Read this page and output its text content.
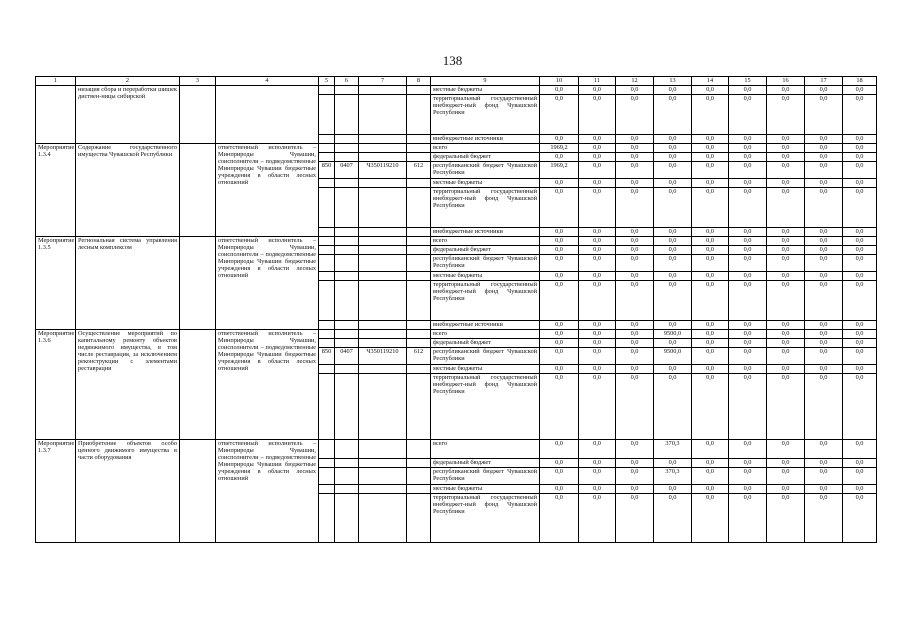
138
1	2	3	4	5	6	7	8	9	10	11	12	13	14	15	16	17	18
	низация сбора и переработки шишек диствен-ницы сибирской							местные бюджеты	0,0	0,0	0,0	0,0	0,0	0,0	0,0	0,0	0,0
								территориальный государственный внебюджет-ный фонд Чувашской Республики	0,0	0,0	0,0	0,0	0,0	0,0	0,0	0,0	0,0
								внебюджетные источники	0,0	0,0	0,0	0,0	0,0	0,0	0,0	0,0	0,0
Мероприятие 1.3.4	Содержание государственного имущества Чувашской Республики		ответственный исполнитель – Минприроды Чувашии, соисполнители – подведомственные Минприроды Чувашии бюджетные учреждения в области лесных отношений					всего	1969,2	0,0	0,0	0,0	0,0	0,0	0,0	0,0	0,0
								федеральный бюджет	0,0	0,0	0,0	0,0	0,0	0,0	0,0	0,0	0,0
				850	0407	Ч350119210	612	республиканский бюджет Чувашской Республики	1969,2	0,0	0,0	0,0	0,0	0,0	0,0	0,0	0,0
								местные бюджеты	0,0	0,0	0,0	0,0	0,0	0,0	0,0	0,0	0,0
								территориальный государственный внебюджет-ный фонд Чувашской Республики	0,0	0,0	0,0	0,0	0,0	0,0	0,0	0,0	0,0
								внебюджетные источники	0,0	0,0	0,0	0,0	0,0	0,0	0,0	0,0	0,0
Мероприятие 1.3.5	Региональная система управления лесным комплексом		ответственный исполнитель – Минприроды Чувашии, соисполнители – подведомственные Минприроды Чувашии бюджетные учреждения в области лесных отношений					всего	0,0	0,0	0,0	0,0	0,0	0,0	0,0	0,0	0,0
								федеральный бюджет	0,0	0,0	0,0	0,0	0,0	0,0	0,0	0,0	0,0
								республиканский бюджет Чувашской Республики	0,0	0,0	0,0	0,0	0,0	0,0	0,0	0,0	0,0
								местные бюджеты	0,0	0,0	0,0	0,0	0,0	0,0	0,0	0,0	0,0
								территориальный государственный внебюджет-ный фонд Чувашской Республики	0,0	0,0	0,0	0,0	0,0	0,0	0,0	0,0	0,0
								внебюджетные источники	0,0	0,0	0,0	0,0	0,0	0,0	0,0	0,0	0,0
Мероприятие 1.3.6	Осуществление мероприятий по капитальному ремонту объектов недвижимого имущества, в том числе реставрация, за исключением реконструкции с элементами реставрации		ответственный исполнитель – Минприроды Чувашии, соисполнители – подведомственные Минприроды Чувашии бюджетные учреждения в области лесных отношений					всего	0,0	0,0	0,0	9500,0	0,0	0,0	0,0	0,0	0,0
								федеральный бюджет	0,0	0,0	0,0	0,0	0,0	0,0	0,0	0,0	0,0
				850	0407	Ч350119210	612	республиканский бюджет Чувашской Республики	0,0	0,0	0,0	9500,0	0,0	0,0	0,0	0,0	0,0
								местные бюджеты	0,0	0,0	0,0	0,0	0,0	0,0	0,0	0,0	0,0
								территориальный государственный внебюджет-ный фонд Чувашской Республики	0,0	0,0	0,0	0,0	0,0	0,0	0,0	0,0	0,0
Мероприятие 1.3.7	Приобретение объектов особо ценного движимого имущества в части оборудования		ответственный исполнитель – Минприроды Чувашии, соисполнители – подведомственные Минприроды Чувашии бюджетные учреждения в области лесных отношений					всего	0,0	0,0	0,0	370,3	0,0	0,0	0,0	0,0	0,0
								федеральный бюджет	0,0	0,0	0,0	0,0	0,0	0,0	0,0	0,0	0,0
								республиканский бюджет Чувашской Республики	0,0	0,0	0,0	370,3	0,0	0,0	0,0	0,0	0,0
								местные бюджеты	0,0	0,0	0,0	0,0	0,0	0,0	0,0	0,0	0,0
								территориальный государственный внебюджет-ный фонд Чувашской Республики	0,0	0,0	0,0	0,0	0,0	0,0	0,0	0,0	0,0
